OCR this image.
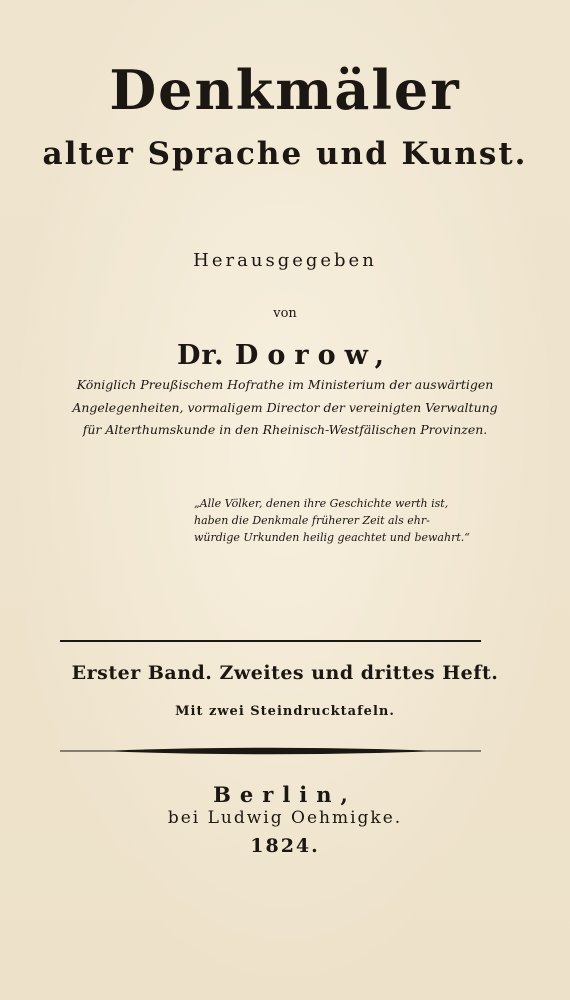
Denkmäler
alter Sprache und Kunst.
Herausgegeben
von
Dr. Dorow,
Königlich Preußischem Hofrathe im Ministerium der auswärtigen
Angelegenheiten, vormaligem Director der vereinigten Verwaltung
für Alterthumskunde in den Rheinisch-Westfälischen Provinzen.
„Alle Völker, denen ihre Geschichte werth ist,
haben die Denkmale früherer Zeit als ehr-
würdige Urkunden heilig geachtet und bewahrt.“
Erster Band. Zweites und drittes Heft.
Mit zwei Steindrucktafeln.
Berlin,
bei Ludwig Oehmigke.
1824.
